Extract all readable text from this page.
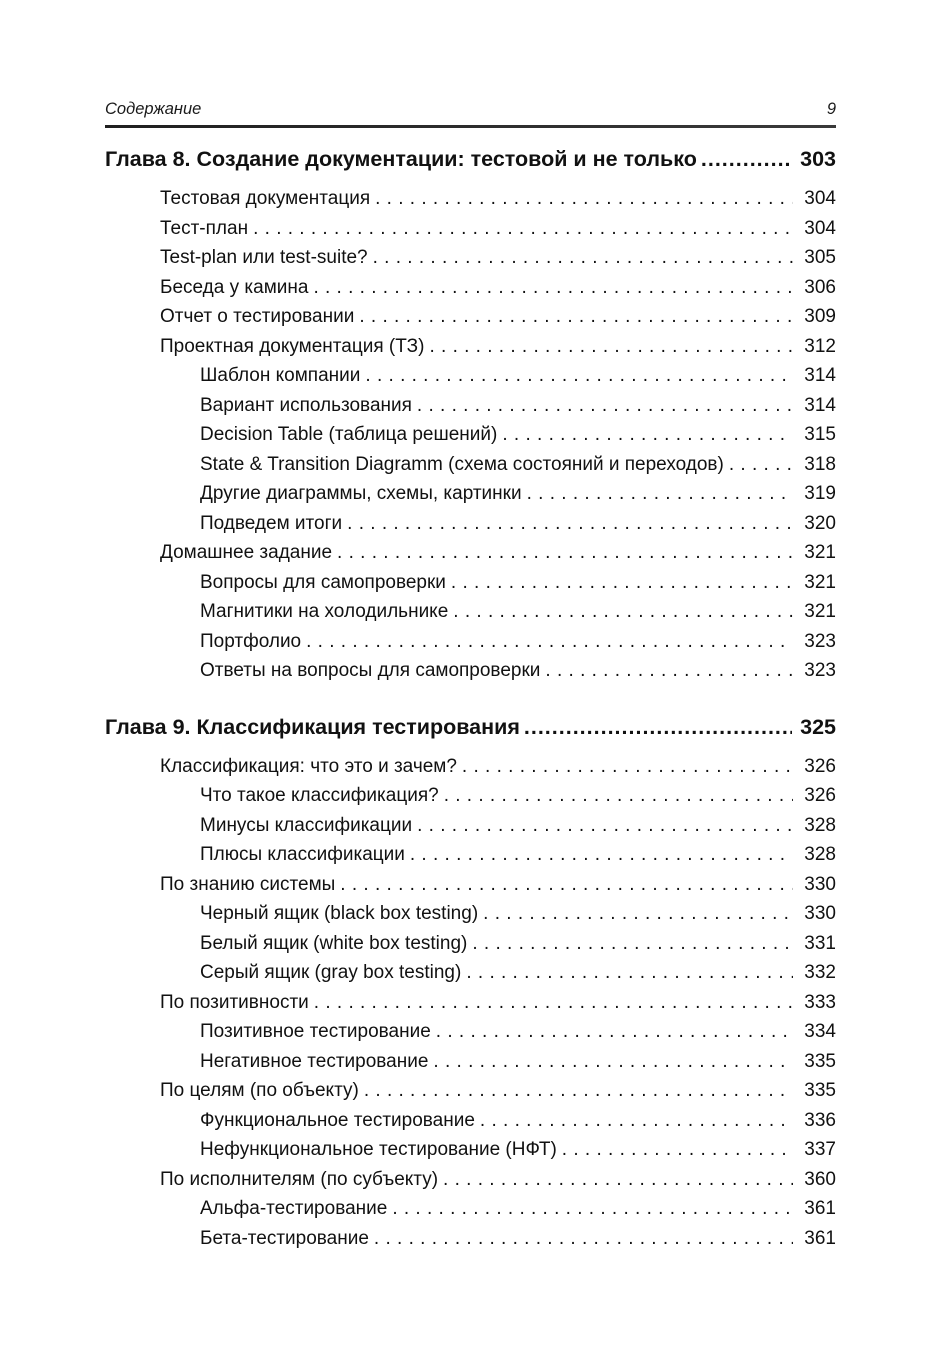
Содержание	9
Глава 8. Создание документации: тестовой и не только .....	303
Тестовая документация . . .	304
Тест-план . . .	304
Test-plan или test-suite? . . .	305
Беседа у камина . . .	306
Отчет о тестировании . . .	309
Проектная документация (ТЗ) . . .	312
Шаблон компании . . .	314
Вариант использования . . .	314
Decision Table (таблица решений) . . .	315
State & Transition Diagramm (схема состояний и переходов) . . .	318
Другие диаграммы, схемы, картинки . . .	319
Подведем итоги . . .	320
Домашнее задание . . .	321
Вопросы для самопроверки . . .	321
Магнитики на холодильнике . . .	321
Портфолио . . .	323
Ответы на вопросы для самопроверки . . .	323
Глава 9. Классификация тестирования .....	325
Классификация: что это и зачем? . . .	326
Что такое классификация? . . .	326
Минусы классификации . . .	328
Плюсы классификации . . .	328
По знанию системы . . .	330
Черный ящик (black box testing) . . .	330
Белый ящик (white box testing) . . .	331
Серый ящик (gray box testing) . . .	332
По позитивности . . .	333
Позитивное тестирование . . .	334
Негативное тестирование . . .	335
По целям (по объекту) . . .	335
Функциональное тестирование . . .	336
Нефункциональное тестирование (НФТ) . . .	337
По исполнителям (по субъекту) . . .	360
Альфа-тестирование . . .	361
Бета-тестирование . . .	361
